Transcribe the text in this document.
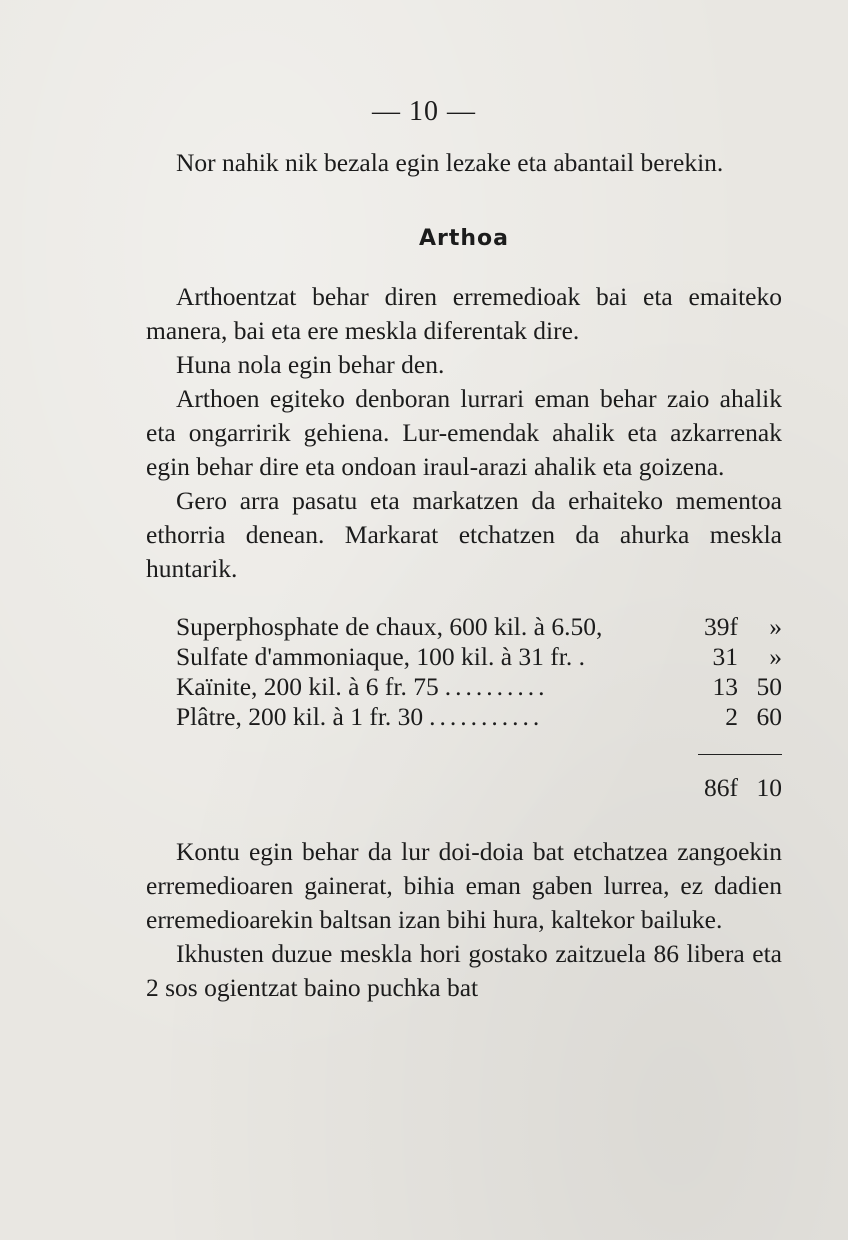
— 10 —

Nor nahik nik bezala egin lezake eta abantail berekin.

Arthoa

Arthoentzat behar diren erremedioak bai eta emaiteko manera, bai eta ere meskla diferentak dire.

Huna nola egin behar den.

Arthoen egiteko denboran lurrari eman behar zaio ahalik eta ongarririk gehiena. Lur-emendak ahalik eta azkarrenak egin behar dire eta ondoan iraul-arazi ahalik eta goizena.

Gero arra pasatu eta markatzen da erhaiteko mementoa ethorria denean. Markarat etchatzen da ahurka meskla huntarik.

Superphosphate de chaux, 600 kil. à 6.50,	39f	»
Sulfate d'ammoniaque, 100 kil. à 31 fr. .	31	»
Kaïnite, 200 kil. à 6 fr. 75 ..........	13 50
Plâtre, 200 kil. à 1 fr. 30 ...........	2 60
86f 10

Kontu egin behar da lur doi-doia bat etchatzea zangoekin erremedioaren gainerat, bihia eman gaben lurrea, ez dadien erremedioarekin baltsan izan bihi hura, kaltekor bailuke.

Ikhusten duzue meskla hori gostako zaitzuela 86 libera eta 2 sos ogientzat baino puchka bat
